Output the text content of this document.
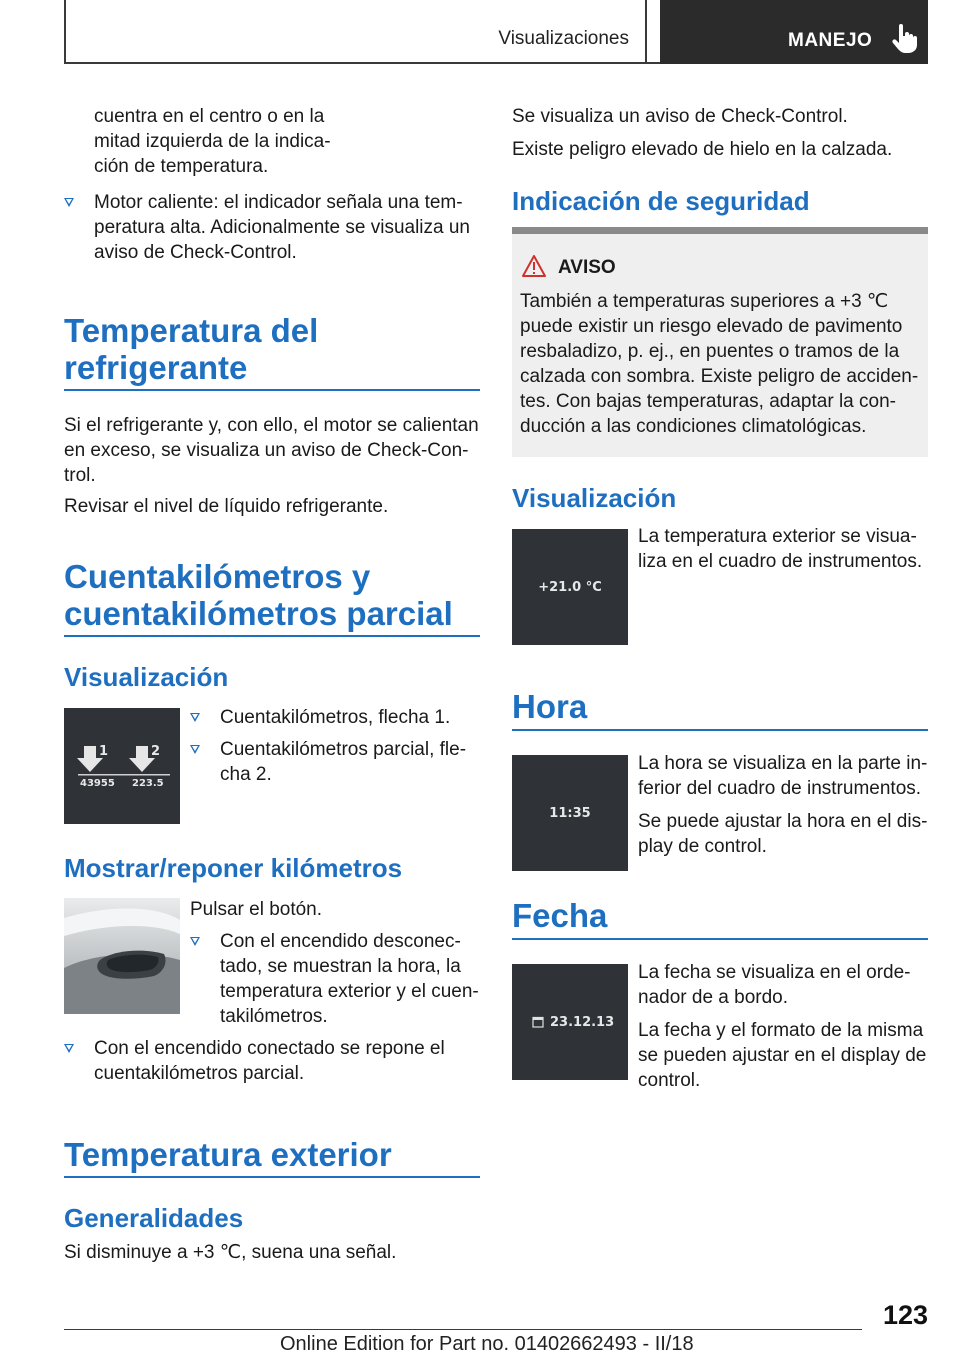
Visualizaciones	MANEJO

cuentra en el centro o en la
mitad izquierda de la indica-
ción de temperatura.

Motor caliente: el indicador señala una tem-
peratura alta. Adicionalmente se visualiza un
aviso de Check-Control.
Temperatura del
refrigerante

Si el refrigerante y, con ello, el motor se calientan
en exceso, se visualiza un aviso de Check-Con-
trol.

Revisar el nivel de líquido refrigerante.

Cuentakilómetros y
cuentakilómetros parcial
Visualización
1	2
43955 223.5
Cuentakilómetros, flecha 1.
Cuentakilómetros parcial, fle-
cha 2.
Mostrar/reponer kilómetros

Pulsar el botón.

Con el encendido desconec-
tado, se muestran la hora, la
temperatura exterior y el cuen-
takilómetros.
Con el encendido conectado se repone el
cuentakilómetros parcial.
Temperatura exterior
Generalidades

Si disminuye a +3 ℃, suena una señal.

Se visualiza un aviso de Check-Control.

Existe peligro elevado de hielo en la calzada.

Indicación de seguridad
AVISO

También a temperaturas superiores a +3 ℃
puede existir un riesgo elevado de pavimento
resbaladizo, p. ej., en puentes o tramos de la
calzada con sombra. Existe peligro de acciden-
tes. Con bajas temperaturas, adaptar la con-
ducción a las condiciones climatológicas.

Visualización
+21.0 °C

La temperatura exterior se visua-
liza en el cuadro de instrumentos.

Hora
11:35

La hora se visualiza en la parte in-
ferior del cuadro de instrumentos.

Se puede ajustar la hora en el dis-
play de control.

Fecha
23.12.13

La fecha se visualiza en el orde-
nador de a bordo.

La fecha y el formato de la misma
se pueden ajustar en el display de
control.

123
Online Edition for Part no. 01402662493 - II/18
